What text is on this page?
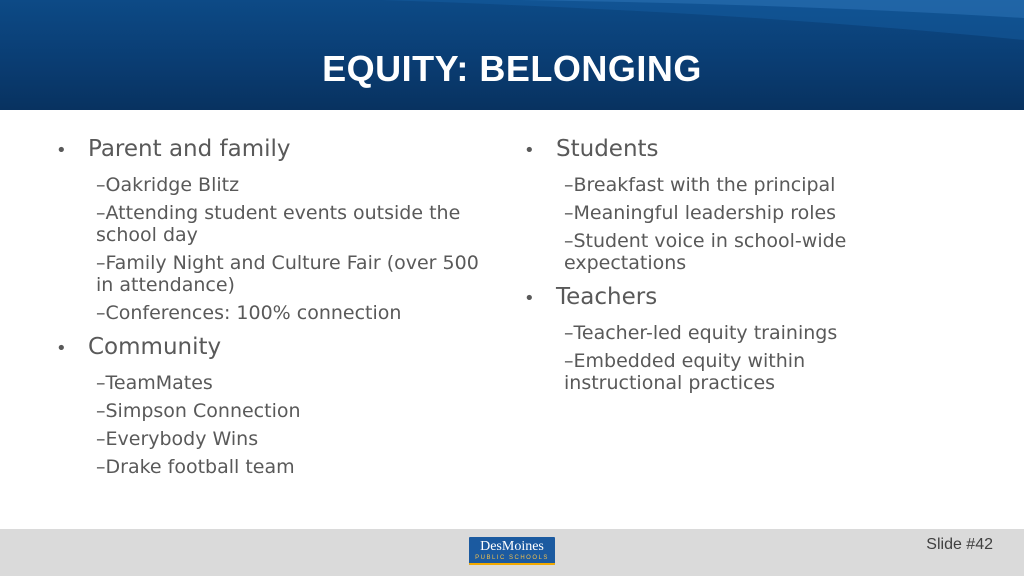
EQUITY: BELONGING
• Parent and family
–Oakridge Blitz
–Attending student events outside the school day
–Family Night and Culture Fair (over 500 in attendance)
–Conferences: 100% connection
• Community
–TeamMates
–Simpson Connection
–Everybody Wins
–Drake football team
• Students
–Breakfast with the principal
–Meaningful leadership roles
–Student voice in school-wide expectations
• Teachers
–Teacher-led equity trainings
–Embedded equity within instructional practices
DesMoines
PUBLIC SCHOOLS
Slide #42
